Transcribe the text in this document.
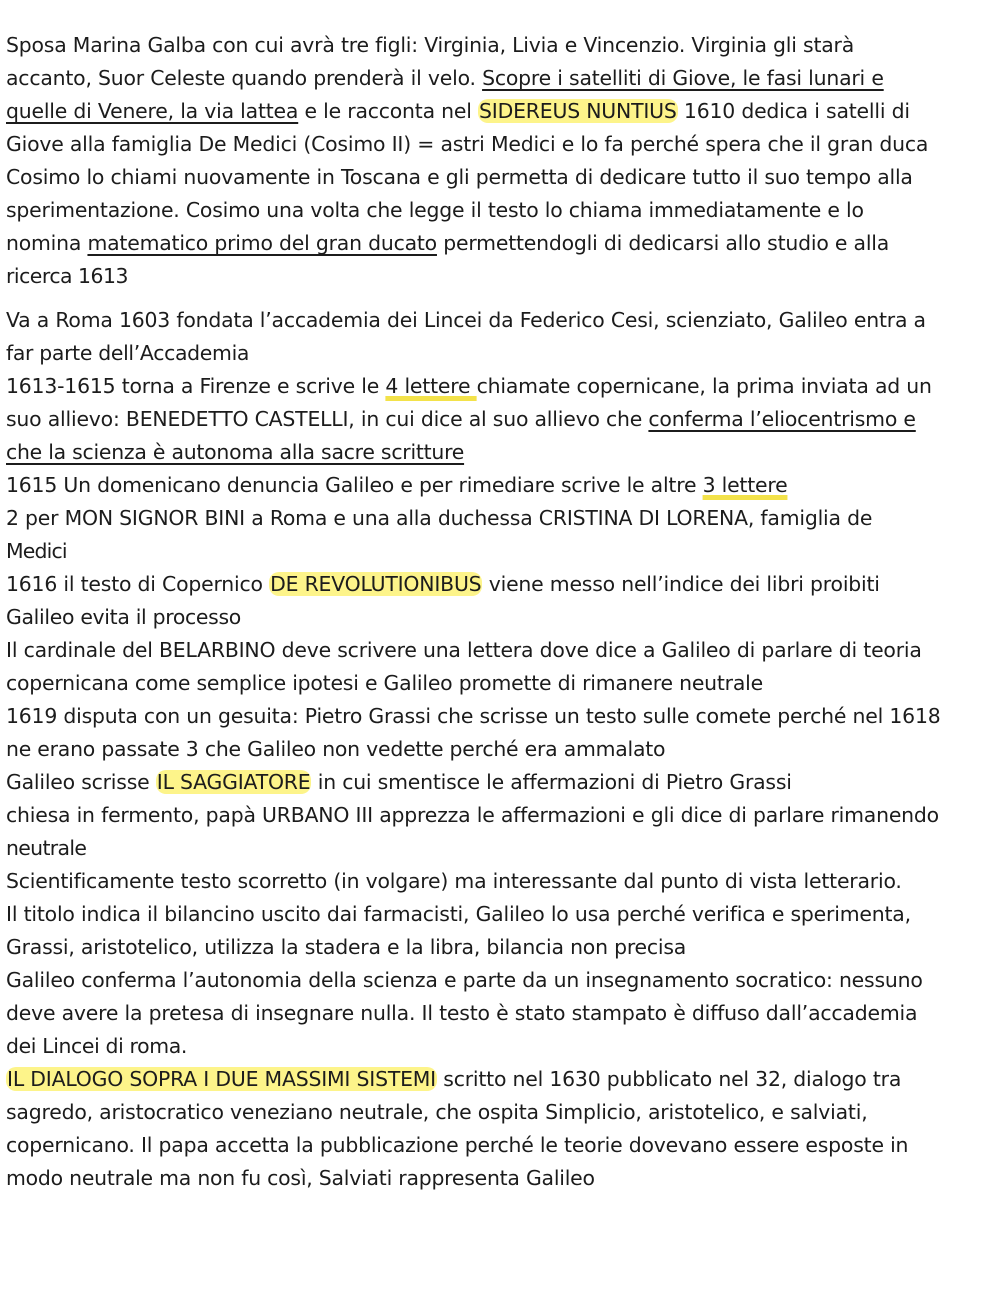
Sposa Marina Galba con cui avrà tre figli: Virginia, Livia e Vincenzio. Virginia gli starà
accanto, Suor Celeste quando prenderà il velo. Scopre i satelliti di Giove, le fasi lunari e
quelle di Venere, la via lattea e le racconta nel SIDEREUS NUNTIUS 1610 dedica i satelli di
Giove alla famiglia De Medici (Cosimo II) = astri Medici e lo fa perché spera che il gran duca
Cosimo lo chiami nuovamente in Toscana e gli permetta di dedicare tutto il suo tempo alla
sperimentazione. Cosimo una volta che legge il testo lo chiama immediatamente e lo
nomina matematico primo del gran ducato permettendogli di dedicarsi allo studio e alla
ricerca 1613
Va a Roma 1603 fondata l’accademia dei Lincei da Federico Cesi, scienziato, Galileo entra a
far parte dell’Accademia
1613-1615 torna a Firenze e scrive le 4 lettere chiamate copernicane, la prima inviata ad un
suo allievo: BENEDETTO CASTELLI, in cui dice al suo allievo che conferma l’eliocentrismo e
che la scienza è autonoma alla sacre scritture
1615 Un domenicano denuncia Galileo e per rimediare scrive le altre 3 lettere
2 per MON SIGNOR BINI a Roma e una alla duchessa CRISTINA DI LORENA, famiglia de
Medici
1616 il testo di Copernico DE REVOLUTIONIBUS viene messo nell’indice dei libri proibiti
Galileo evita il processo
Il cardinale del BELARBINO deve scrivere una lettera dove dice a Galileo di parlare di teoria
copernicana come semplice ipotesi e Galileo promette di rimanere neutrale
1619 disputa con un gesuita: Pietro Grassi che scrisse un testo sulle comete perché nel 1618
ne erano passate 3 che Galileo non vedette perché era ammalato
Galileo scrisse IL SAGGIATORE in cui smentisce le affermazioni di Pietro Grassi
chiesa in fermento, papà URBANO III apprezza le affermazioni e gli dice di parlare rimanendo
neutrale
Scientificamente testo scorretto (in volgare) ma interessante dal punto di vista letterario.
Il titolo indica il bilancino uscito dai farmacisti, Galileo lo usa perché verifica e sperimenta,
Grassi, aristotelico, utilizza la stadera e la libra, bilancia non precisa
Galileo conferma l’autonomia della scienza e parte da un insegnamento socratico: nessuno
deve avere la pretesa di insegnare nulla. Il testo è stato stampato è diffuso dall’accademia
dei Lincei di roma.
IL DIALOGO SOPRA I DUE MASSIMI SISTEMI scritto nel 1630 pubblicato nel 32, dialogo tra
sagredo, aristocratico veneziano neutrale, che ospita Simplicio, aristotelico, e salviati,
copernicano. Il papa accetta la pubblicazione perché le teorie dovevano essere esposte in
modo neutrale ma non fu così, Salviati rappresenta Galileo
